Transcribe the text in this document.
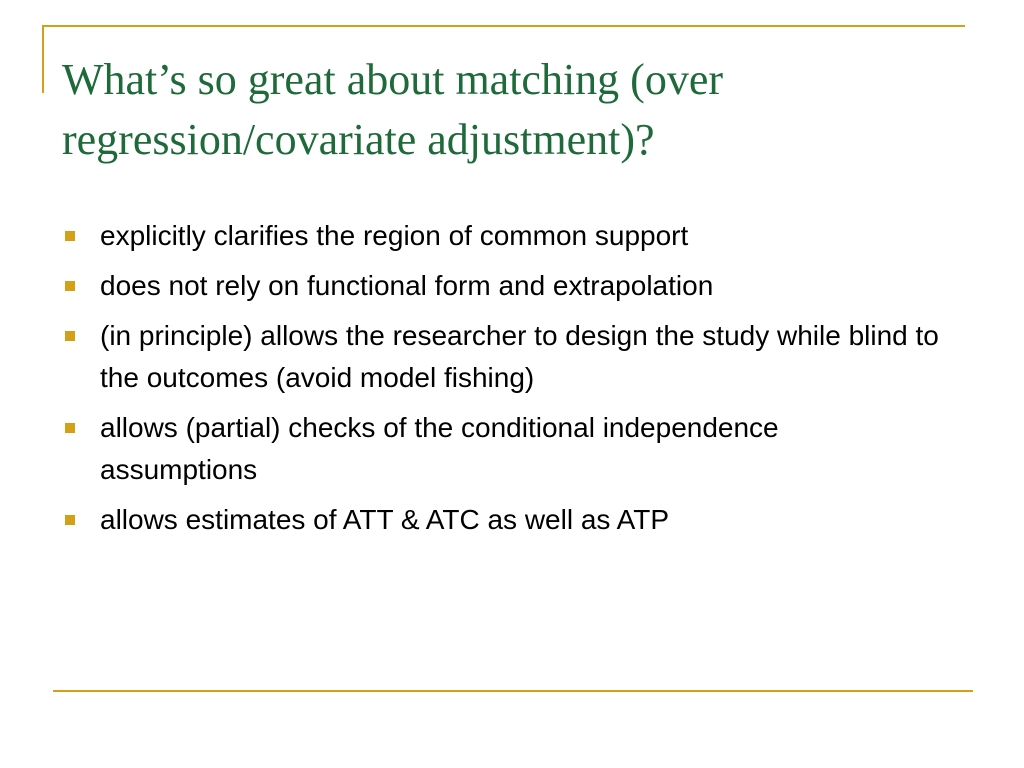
What’s so great about matching (over regression/covariate adjustment)?
explicitly clarifies the region of common support
does not rely on functional form and extrapolation
(in principle) allows the researcher to design the study while blind to the outcomes (avoid model fishing)
allows (partial) checks of the conditional independence assumptions
allows estimates of ATT & ATC as well as ATP
